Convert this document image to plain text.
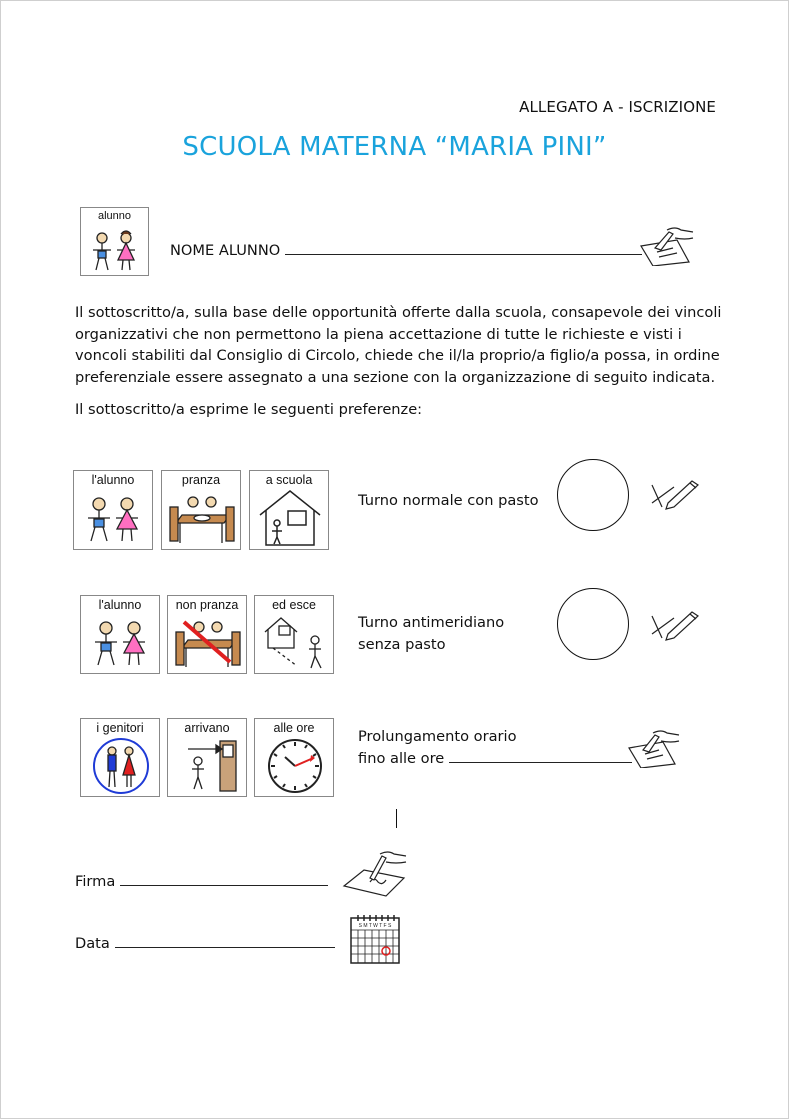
ALLEGATO A - ISCRIZIONE
SCUOLA MATERNA “MARIA PINI”
alunno
NOME ALUNNO
Il sottoscritto/a, sulla base delle opportunità offerte dalla scuola, consapevole dei vincoli organizzativi che non permettono la piena accettazione di tutte le richieste e visti i voncoli stabiliti dal Consiglio di Circolo, chiede che il/la proprio/a figlio/a possa, in ordine preferenziale essere assegnato a una sezione con la organizzazione di seguito indicata.
Il sottoscritto/a esprime le seguenti preferenze:
l'alunno	pranza	a scuola
Turno normale con pasto
l'alunno	non pranza	ed esce
Turno antimeridiano
senza pasto
i genitori	arrivano	alle ore	Prolungamento orario
fino alle ore
Firma
Data
S M T W T F S
